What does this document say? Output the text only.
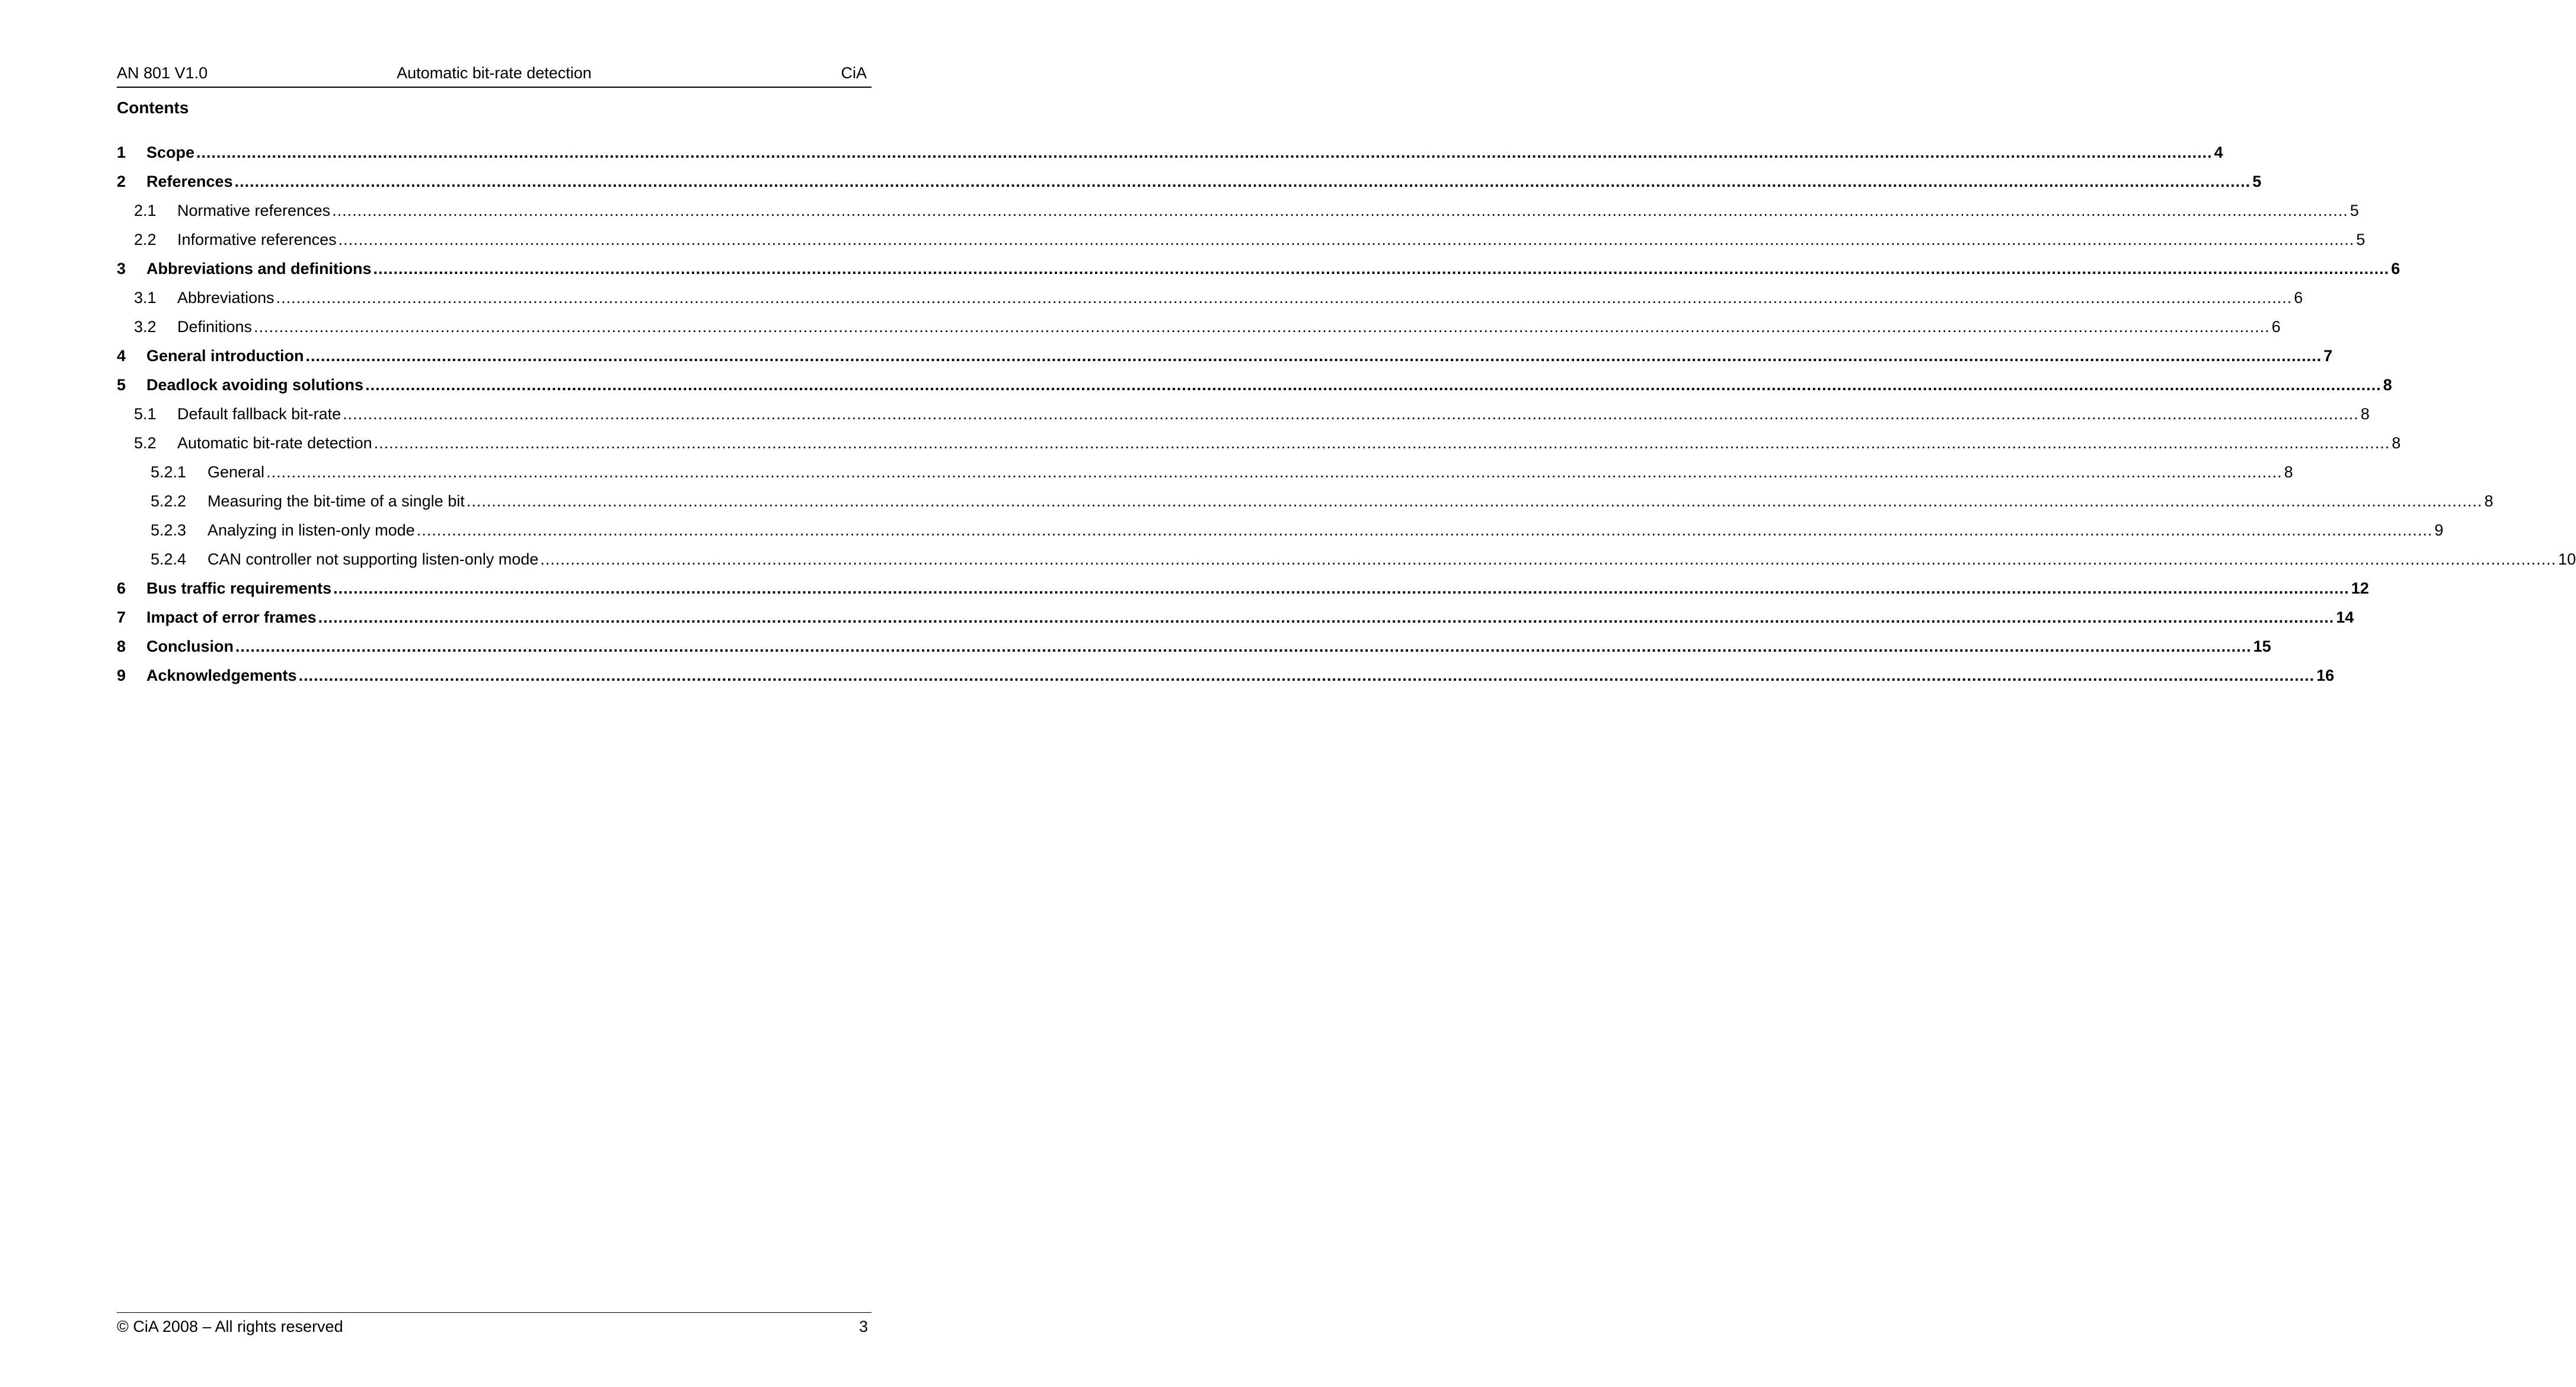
AN 801 V1.0	Automatic bit-rate detection	CiA
Contents
1 Scope ................................................................................................................................................................................................................................................................................................................................................................................................................ 4
2 References ................................................................................................................................................................................................................................................................................................................................................................................................................ 5
2.1 Normative references ................................................................................................................................................................................................................................................................................................................................................................................................................ 5
2.2 Informative references ................................................................................................................................................................................................................................................................................................................................................................................................................ 5
3 Abbreviations and definitions ................................................................................................................................................................................................................................................................................................................................................................................................................ 6
3.1 Abbreviations ................................................................................................................................................................................................................................................................................................................................................................................................................ 6
3.2 Definitions ................................................................................................................................................................................................................................................................................................................................................................................................................ 6
4 General introduction ................................................................................................................................................................................................................................................................................................................................................................................................................ 7
5 Deadlock avoiding solutions ................................................................................................................................................................................................................................................................................................................................................................................................................ 8
5.1 Default fallback bit-rate ................................................................................................................................................................................................................................................................................................................................................................................................................ 8
5.2 Automatic bit-rate detection ................................................................................................................................................................................................................................................................................................................................................................................................................ 8
5.2.1 General ................................................................................................................................................................................................................................................................................................................................................................................................................ 8
5.2.2 Measuring the bit-time of a single bit ................................................................................................................................................................................................................................................................................................................................................................................................................ 8
5.2.3 Analyzing in listen-only mode ................................................................................................................................................................................................................................................................................................................................................................................................................ 9
5.2.4 CAN controller not supporting listen-only mode ................................................................................................................................................................................................................................................................................................................................................................................................................ 10
6 Bus traffic requirements ................................................................................................................................................................................................................................................................................................................................................................................................................ 12
7 Impact of error frames ................................................................................................................................................................................................................................................................................................................................................................................................................ 14
8 Conclusion ................................................................................................................................................................................................................................................................................................................................................................................................................ 15
9 Acknowledgements ................................................................................................................................................................................................................................................................................................................................................................................................................ 16
© CiA 2008 – All rights reserved	3
